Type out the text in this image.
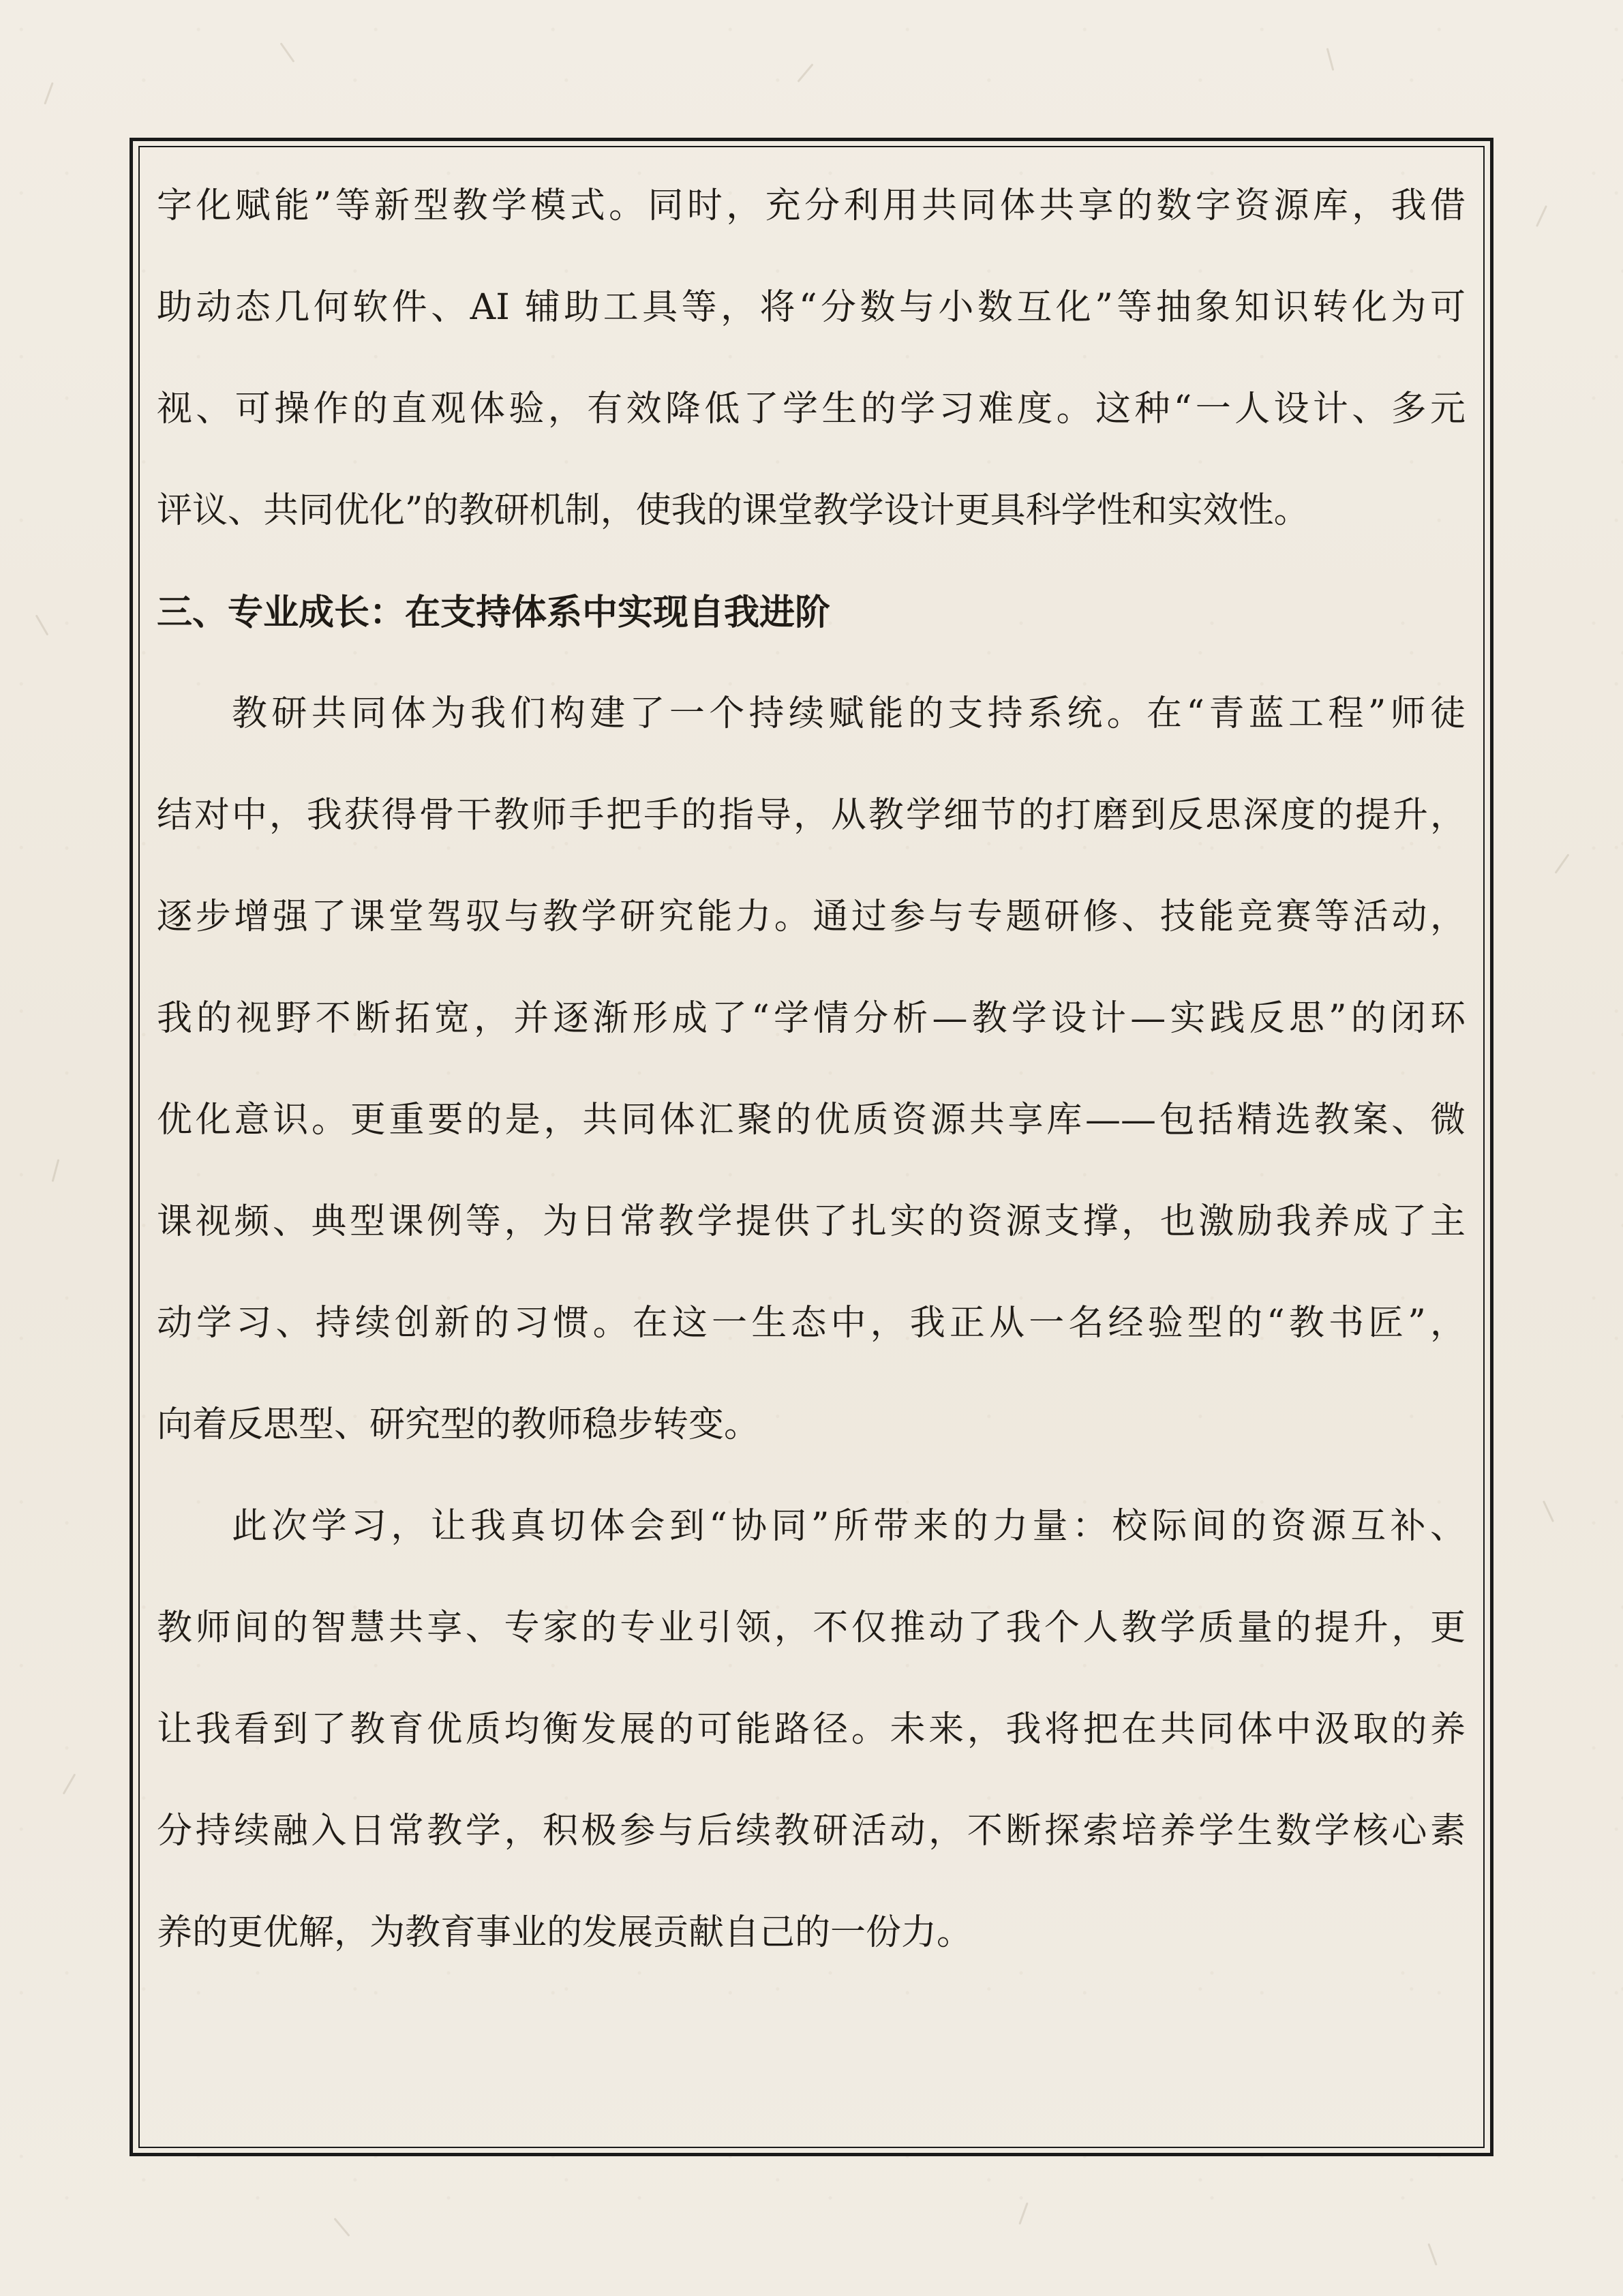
字化赋能”等新型教学模式。同时，充分利用共同体共享的数字资源库，我借
助动态几何软件、AI 辅助工具等，将“分数与小数互化”等抽象知识转化为可
视、可操作的直观体验，有效降低了学生的学习难度。这种“一人设计、多元
评议、共同优化”的教研机制，使我的课堂教学设计更具科学性和实效性。
三、专业成长：在支持体系中实现自我进阶
教研共同体为我们构建了一个持续赋能的支持系统。在“青蓝工程”师徒
结对中，我获得骨干教师手把手的指导，从教学细节的打磨到反思深度的提升，
逐步增强了课堂驾驭与教学研究能力。通过参与专题研修、技能竞赛等活动，
我的视野不断拓宽，并逐渐形成了“学情分析—教学设计—实践反思”的闭环
优化意识。更重要的是，共同体汇聚的优质资源共享库——包括精选教案、微
课视频、典型课例等，为日常教学提供了扎实的资源支撑，也激励我养成了主
动学习、持续创新的习惯。在这一生态中，我正从一名经验型的“教书匠”，
向着反思型、研究型的教师稳步转变。
此次学习，让我真切体会到“协同”所带来的力量：校际间的资源互补、
教师间的智慧共享、专家的专业引领，不仅推动了我个人教学质量的提升，更
让我看到了教育优质均衡发展的可能路径。未来，我将把在共同体中汲取的养
分持续融入日常教学，积极参与后续教研活动，不断探索培养学生数学核心素
养的更优解，为教育事业的发展贡献自己的一份力。
